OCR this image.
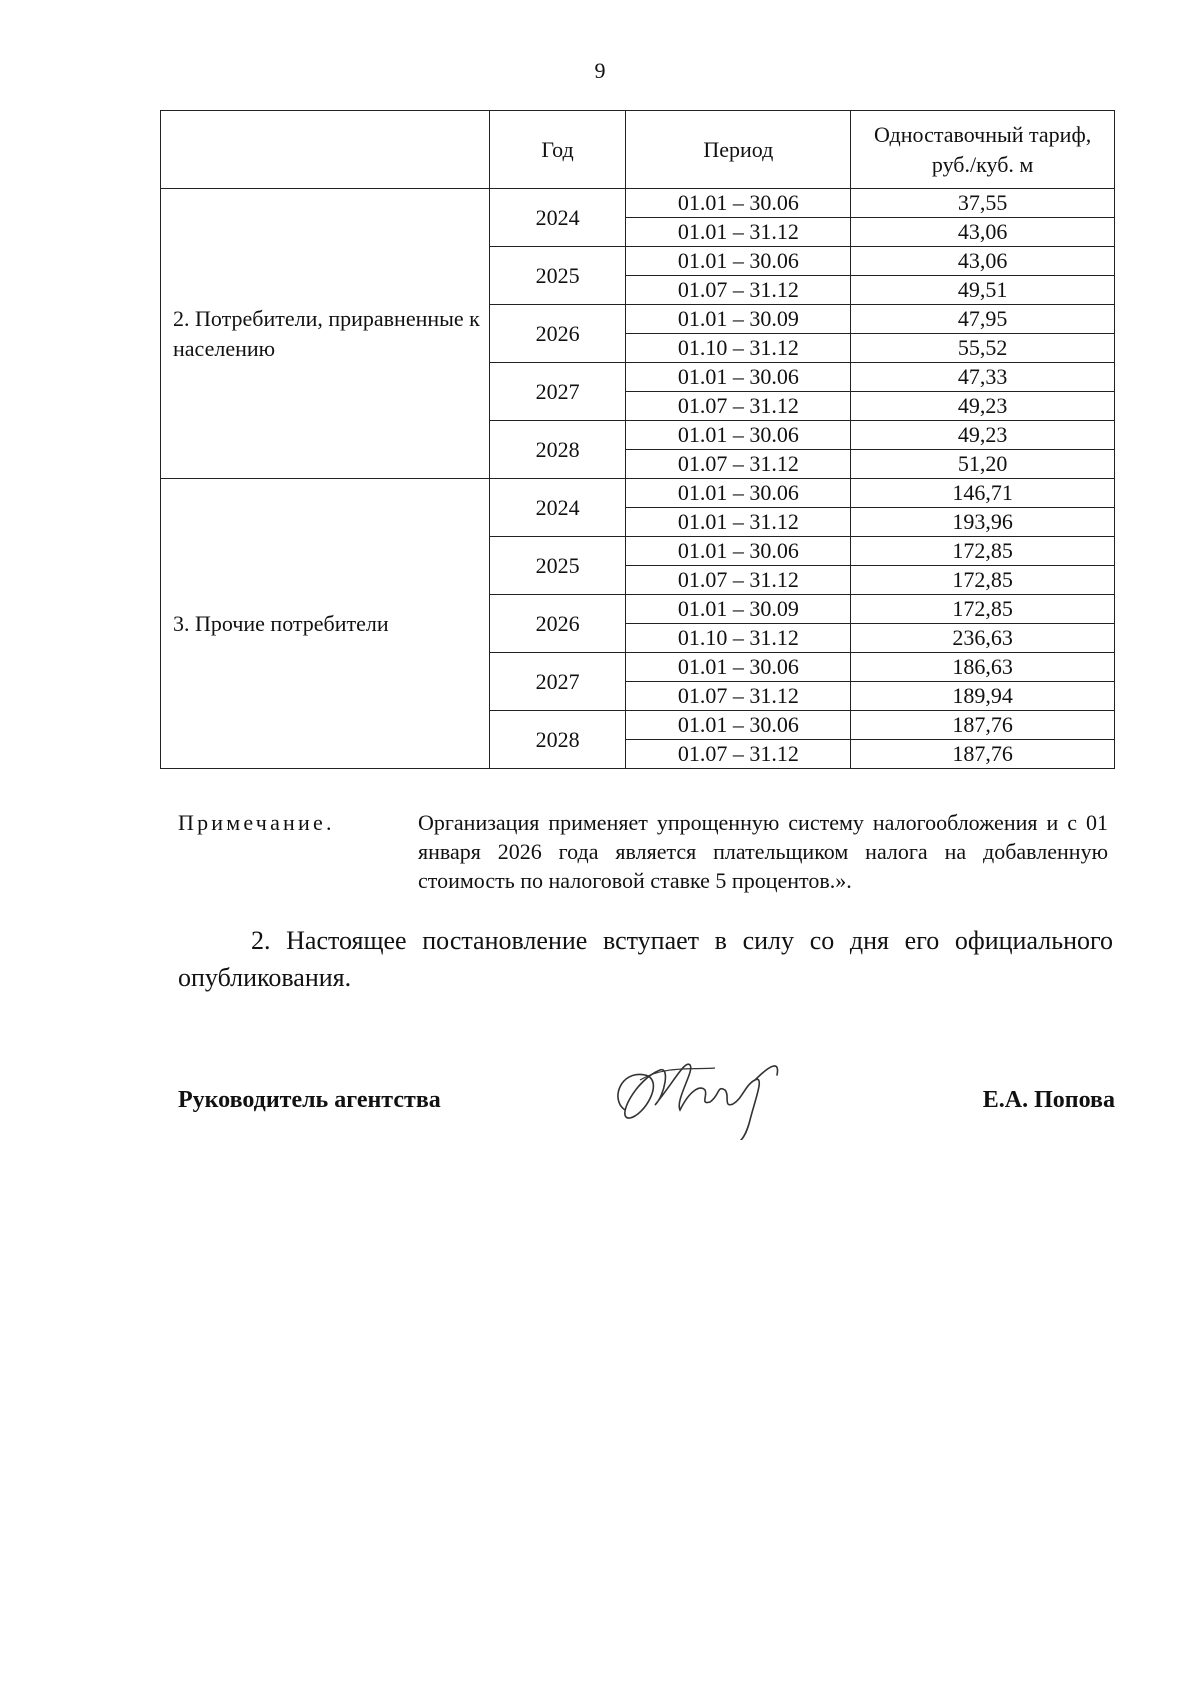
9
	Год	Период	Одноставочный тариф, руб./куб. м
2. Потребители, приравненные к населению	2024	01.01 – 30.06	37,55
		01.01 – 31.12	43,06
	2025	01.01 – 30.06	43,06
		01.07 – 31.12	49,51
	2026	01.01 – 30.09	47,95
		01.10 – 31.12	55,52
	2027	01.01 – 30.06	47,33
		01.07 – 31.12	49,23
	2028	01.01 – 30.06	49,23
		01.07 – 31.12	51,20
3. Прочие потребители	2024	01.01 – 30.06	146,71
		01.01 – 31.12	193,96
	2025	01.01 – 30.06	172,85
		01.07 – 31.12	172,85
	2026	01.01 – 30.09	172,85
		01.10 – 31.12	236,63
	2027	01.01 – 30.06	186,63
		01.07 – 31.12	189,94
	2028	01.01 – 30.06	187,76
		01.07 – 31.12	187,76
Примечание.	Организация применяет упрощенную систему налогообложения и с 01 января 2026 года является плательщиком налога на добавленную стоимость по налоговой ставке 5 процентов.».
2. Настоящее постановление вступает в силу со дня его официального опубликования.
Руководитель агентства	Е.А. Попова
